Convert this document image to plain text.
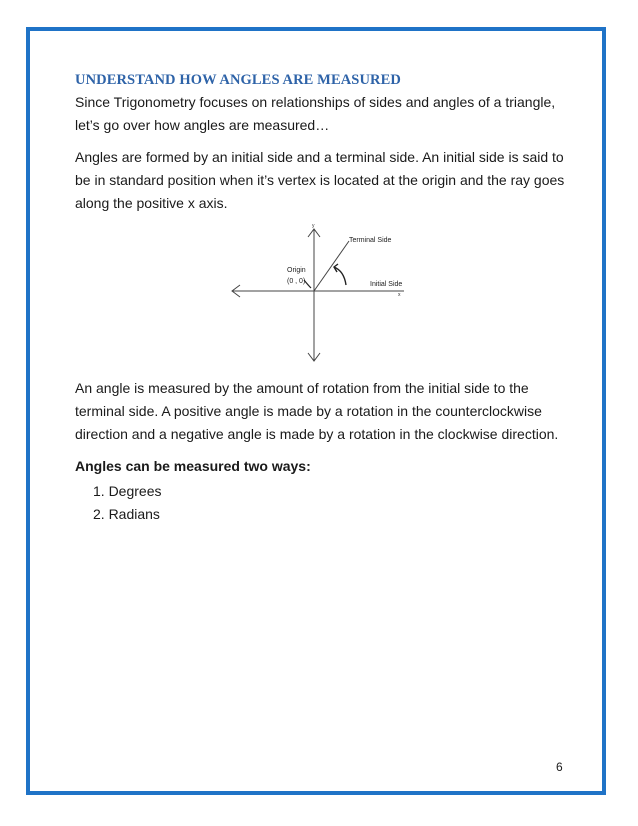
UNDERSTAND HOW ANGLES ARE MEASURED

Since Trigonometry focuses on relationships of sides and angles of a triangle, let’s go over how angles are measured…

Angles are formed by an initial side and a terminal side. An initial side is said to be in standard position when it’s vertex is located at the origin and the ray goes along the positive x axis.

y
x
Terminal Side
Initial Side
Origin
(0 , 0)

An angle is measured by the amount of rotation from the initial side to the terminal side. A positive angle is made by a rotation in the counterclockwise direction and a negative angle is made by a rotation in the clockwise direction.

Angles can be measured two ways:

1. Degrees
2. Radians
6
